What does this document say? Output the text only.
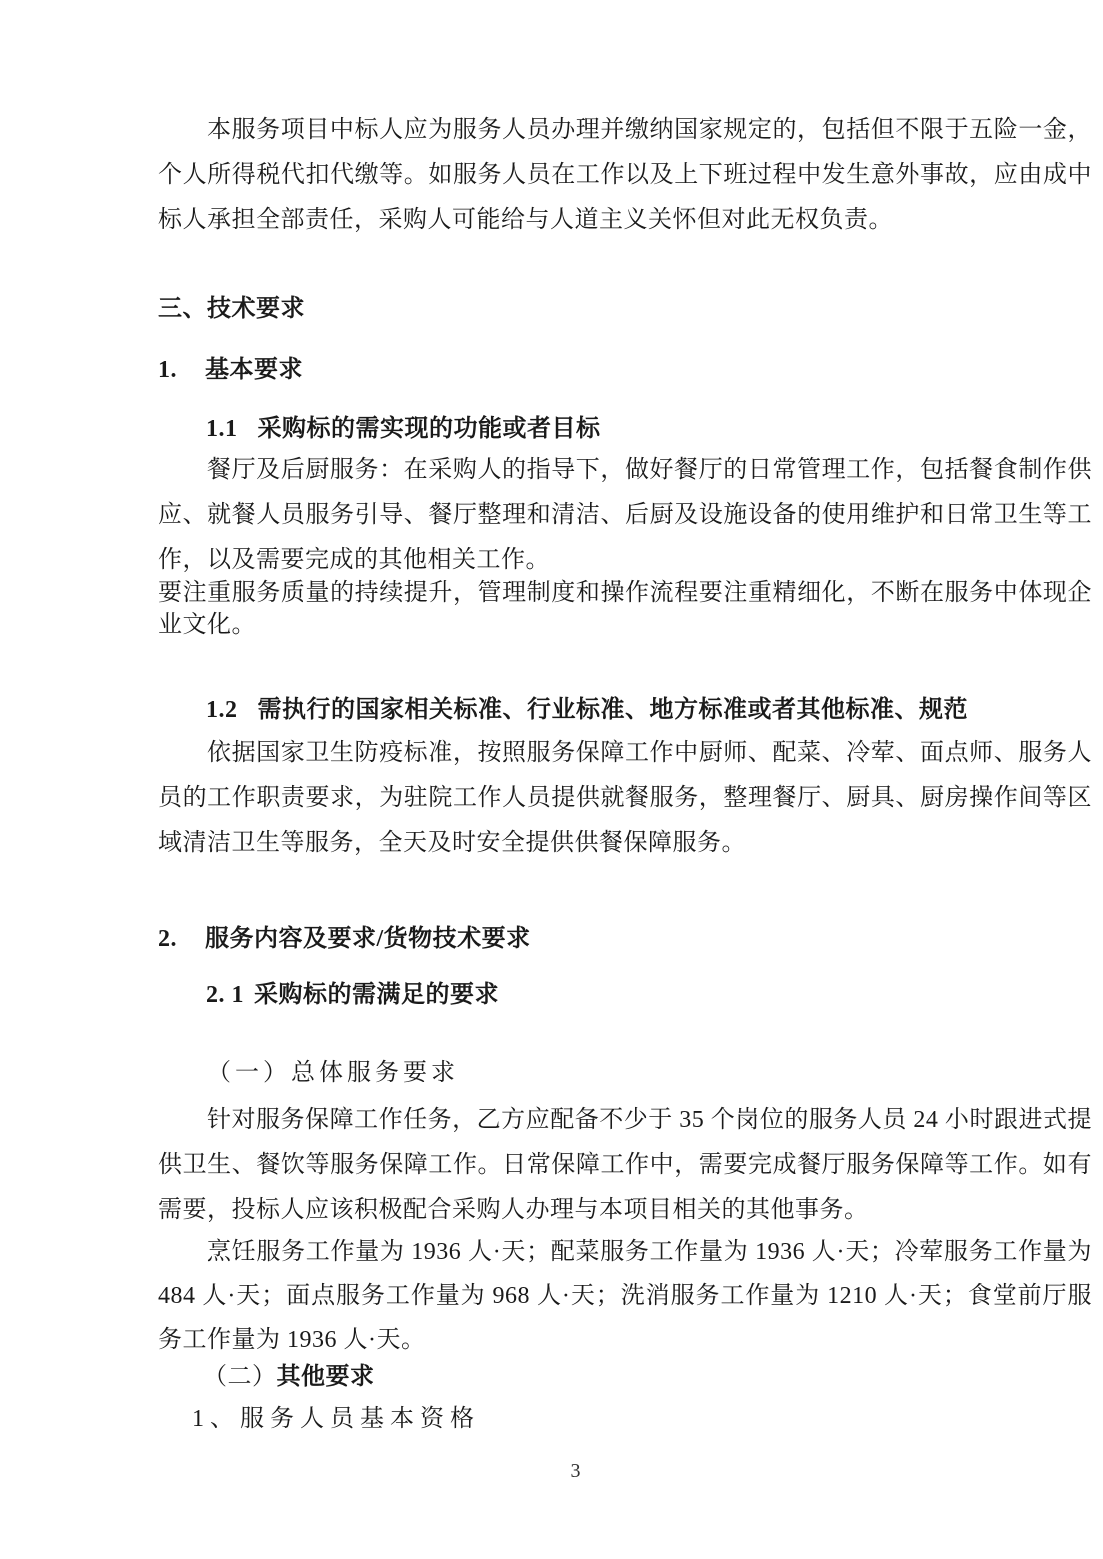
本服务项目中标人应为服务人员办理并缴纳国家规定的，包括但不限于五险一金，个人所得税代扣代缴等。如服务人员在工作以及上下班过程中发生意外事故，应由成中标人承担全部责任，采购人可能给与人道主义关怀但对此无权负责。

三、技术要求
1. 基本要求
1.1 采购标的需实现的功能或者目标

餐厅及后厨服务：在采购人的指导下，做好餐厅的日常管理工作，包括餐食制作供应、就餐人员服务引导、餐厅整理和清洁、后厨及设施设备的使用维护和日常卫生等工作，以及需要完成的其他相关工作。

要注重服务质量的持续提升，管理制度和操作流程要注重精细化，不断在服务中体现企业文化。

1.2 需执行的国家相关标准、行业标准、地方标准或者其他标准、规范

依据国家卫生防疫标准，按照服务保障工作中厨师、配菜、冷荤、面点师、服务人员的工作职责要求，为驻院工作人员提供就餐服务，整理餐厅、厨具、厨房操作间等区域清洁卫生等服务，全天及时安全提供供餐保障服务。

2. 服务内容及要求/货物技术要求
2. 1 采购标的需满足的要求
（一）总体服务要求

针对服务保障工作任务，乙方应配备不少于 35 个岗位的服务人员 24 小时跟进式提供卫生、餐饮等服务保障工作。日常保障工作中，需要完成餐厅服务保障等工作。如有需要，投标人应该积极配合采购人办理与本项目相关的其他事务。

烹饪服务工作量为 1936 人·天；配菜服务工作量为 1936 人·天；冷荤服务工作量为 484 人·天；面点服务工作量为 968 人·天；洗消服务工作量为 1210 人·天；食堂前厅服务工作量为 1936 人·天。

（二）其他要求
1、服务人员基本资格

3
